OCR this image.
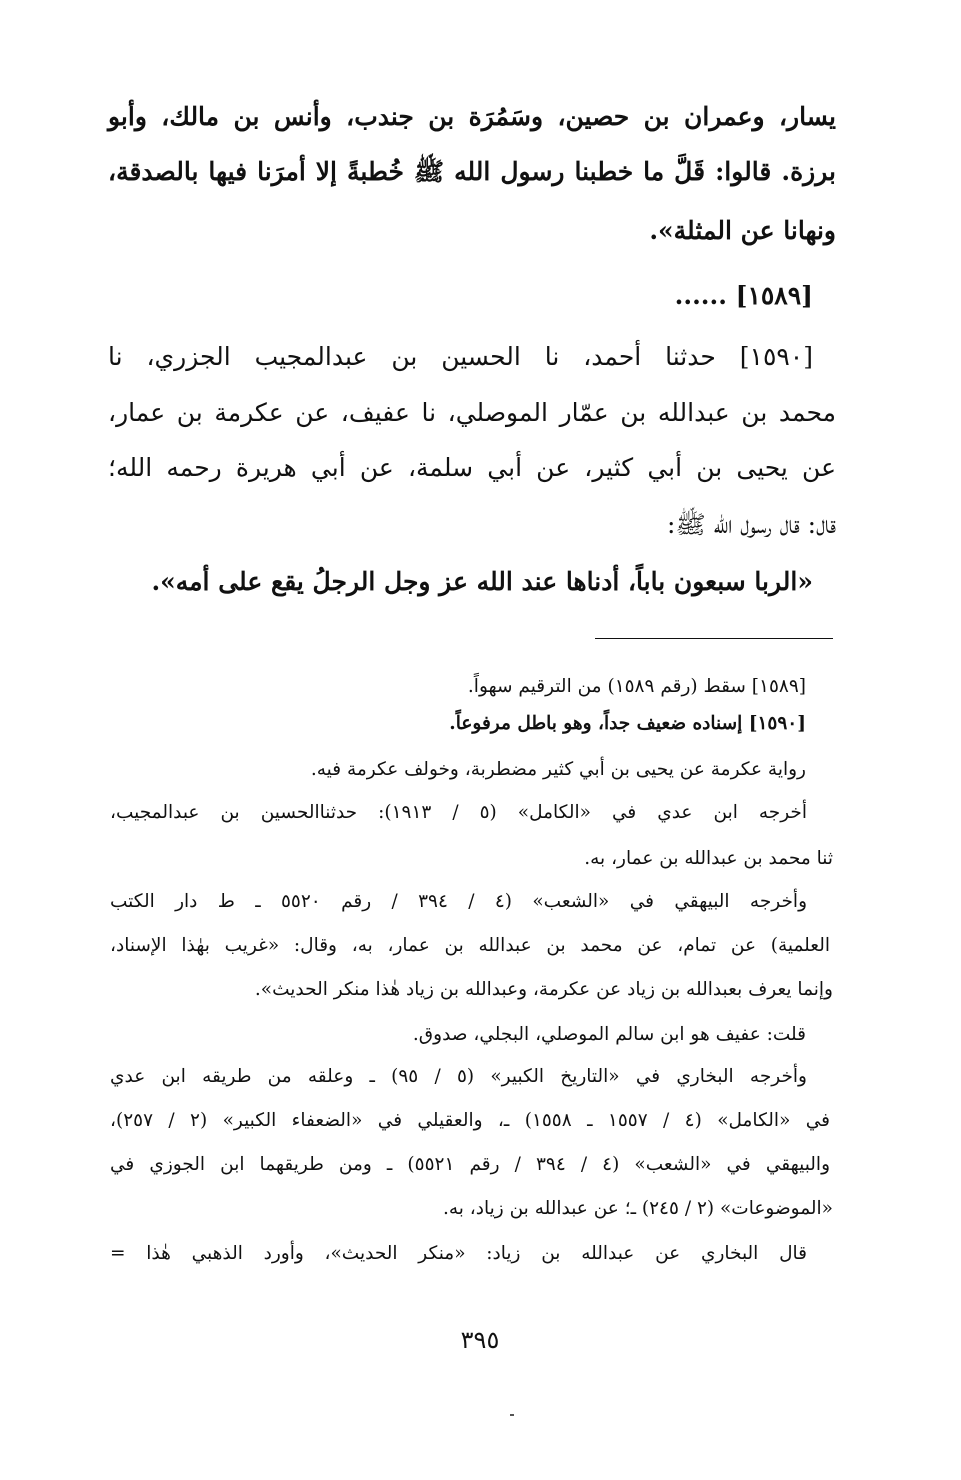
يسار، وعمران بن حصين، وسَمُرَة بن جندب، وأنس بن مالك، وأبو
برزة. قالوا: قَلَّ ما خطبنا رسول الله ﷺ خُطبةً إلا أمرَنا فيها بالصدقة،
ونهانا عن المثلة».
[١٥٨٩] ......
[١٥٩٠] حدثنا أحمد، نا الحسين بن عبدالمجيب الجزري، نا
محمد بن عبدالله بن عمّار الموصلي، نا عفيف، عن عكرمة بن عمار،
عن يحيى بن أبي كثير، عن أبي سلمة، عن أبي هريرة رحمه الله؛
قال: قال رسول الله ﷺ:
«الربا سبعون باباً، أدناها عند الله عز وجل الرجلُ يقع على أمه».
[١٥٨٩] سقط (رقم ١٥٨٩) من الترقيم سهواً.
[١٥٩٠] إسناده ضعيف جداً، وهو باطل مرفوعاً.
رواية عكرمة عن يحيى بن أبي كثير مضطربة، وخولف عكرمة فيه.
أخرجه ابن عدي في «الكامل» (٥ / ١٩١٣): حدثناالحسين بن عبدالمجيب،
ثنا محمد بن عبدالله بن عمار، به.
وأخرجه البيهقي في «الشعب» (٤ / ٣٩٤ / رقم ٥٥٢٠ ـ ط دار الكتب
العلمية) عن تمام، عن محمد بن عبدالله بن عمار، به، وقال: «غريب بهٰذا الإسناد،
وإنما يعرف بعبدالله بن زياد عن عكرمة، وعبدالله بن زياد هٰذا منكر الحديث».
قلت: عفيف هو ابن سالم الموصلي، البجلي، صدوق.
وأخرجه البخاري في «التاريخ الكبير» (٥ / ٩٥) ـ وعلقه من طريقه ابن عدي
في «الكامل» (٤ / ١٥٥٧ ـ ١٥٥٨) ـ، والعقيلي في «الضعفاء الكبير» (٢ / ٢٥٧)،
والبيهقي في «الشعب» (٤ / ٣٩٤ / رقم ٥٥٢١) ـ ومن طريقهما ابن الجوزي في
«الموضوعات» (٢ / ٢٤٥) ـ؛ عن عبدالله بن زياد، به.
قال البخاري عن عبدالله بن زياد: «منكر الحديث»، وأورد الذهبي هٰذا =
٣٩٥
